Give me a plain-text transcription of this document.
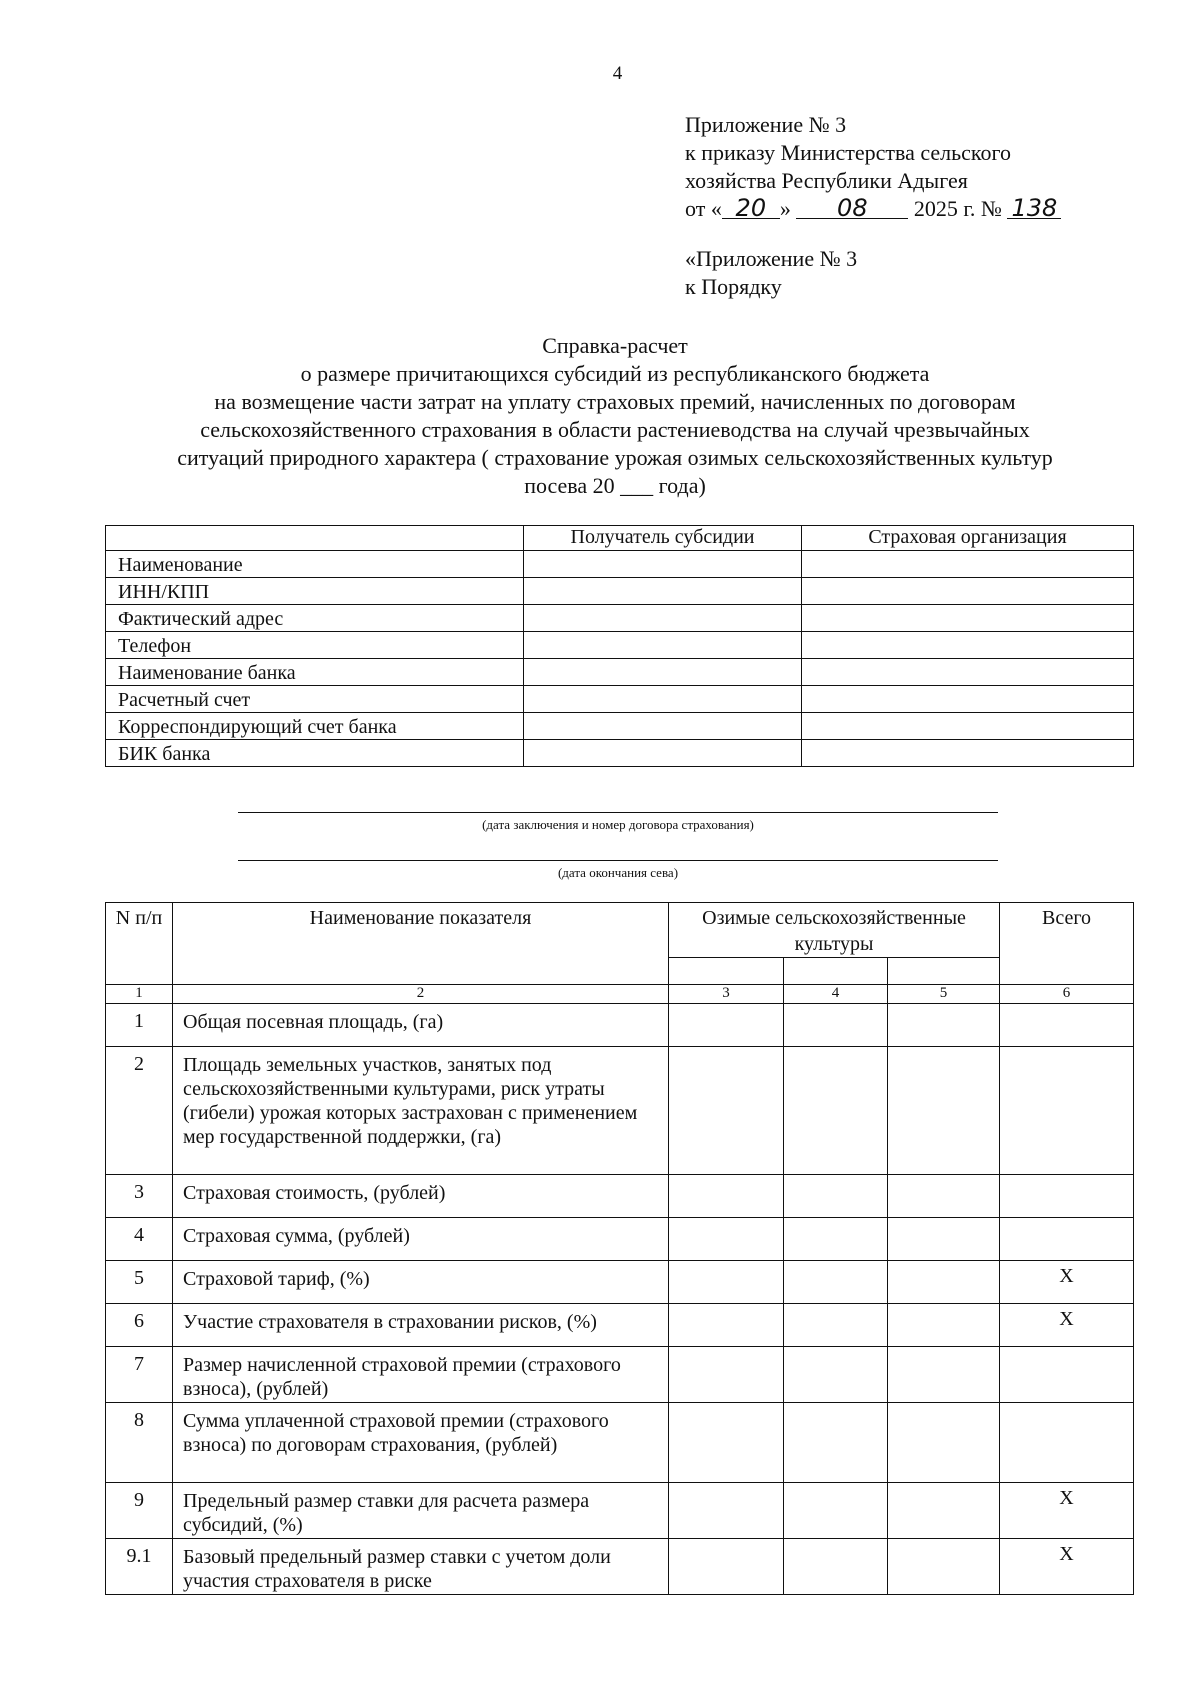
4
Приложение № 3
к приказу Министерства сельского
хозяйства Республики Адыгея
от « 20 » 08 2025 г. № 138
«Приложение № 3
к Порядку
Справка-расчет
о размере причитающихся субсидий из республиканского бюджета
на возмещение части затрат на уплату страховых премий, начисленных по договорам
сельскохозяйственного страхования в области растениеводства на случай чрезвычайных
ситуаций природного характера ( страхование урожая озимых сельскохозяйственных культур
посева 20 ___ года)
	Получатель субсидии	Страховая организация
Наименование		
ИНН/КПП		
Фактический адрес		
Телефон		
Наименование банка		
Расчетный счет		
Корреспондирующий счет банка		
БИК банка		
(дата заключения и номер договора страхования)
(дата окончания сева)
N п/п	Наименование показателя	Озимые сельскохозяйственные культуры			Всего

1	2	3	4	5	6
1	Общая посевная площадь, (га)				
2	Площадь земельных участков, занятых под сельскохозяйственными культурами, риск утраты (гибели) урожая которых застрахован с применением мер государственной поддержки, (га)				
3	Страховая стоимость, (рублей)				
4	Страховая сумма, (рублей)				
5	Страховой тариф, (%)				Х
6	Участие страхователя в страховании рисков, (%)				Х
7	Размер начисленной страховой премии (страхового взноса), (рублей)				
8	Сумма уплаченной страховой премии (страхового взноса) по договорам страхования, (рублей)				
9	Предельный размер ставки для расчета размера субсидий, (%)				Х
9.1	Базовый предельный размер ставки с учетом доли участия страхователя в риске				Х
